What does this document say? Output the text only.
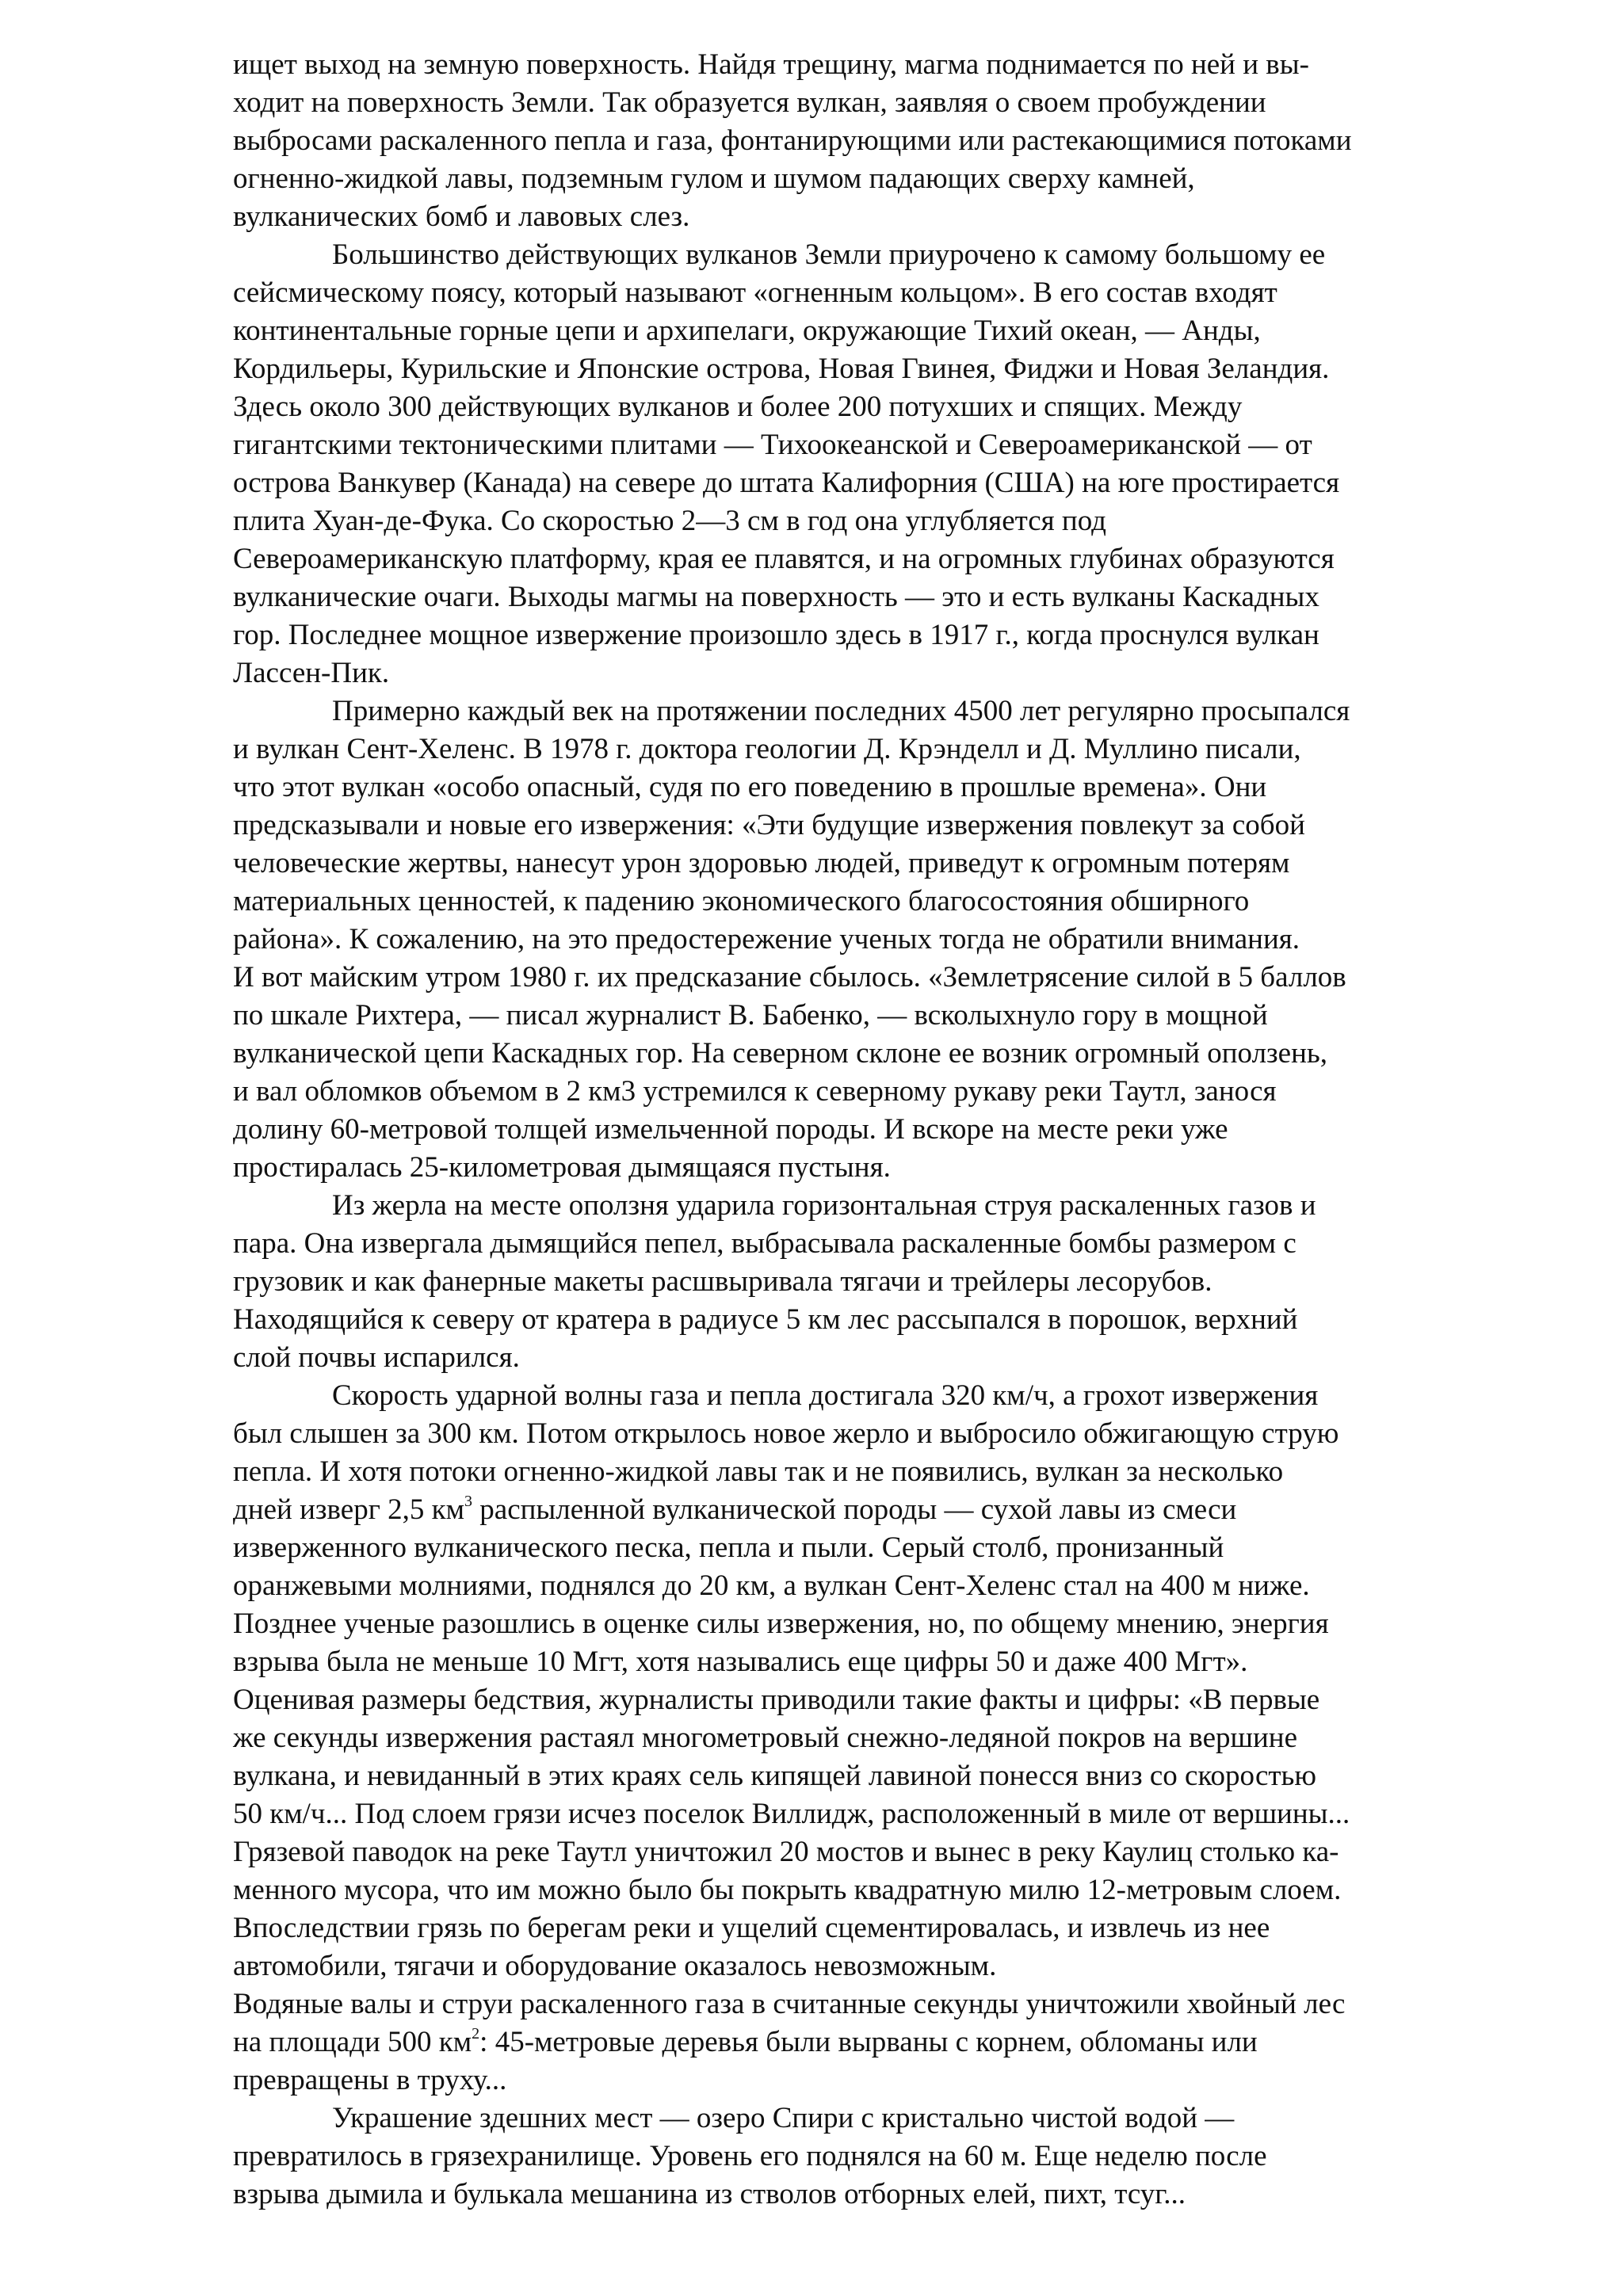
ищет выход на земную поверхность. Найдя трещину, магма поднимается по ней и вы-
ходит на поверхность Земли. Так образуется вулкан, заявляя о своем пробуждении
выбросами раскаленного пепла и газа, фонтанирующими или растекающимися потоками
огненно-жидкой лавы, подземным гулом и шумом падающих сверху камней,
вулканических бомб и лавовых слез.
Большинство действующих вулканов Земли приурочено к самому большому ее
сейсмическому поясу, который называют «огненным кольцом». В его состав входят
континентальные горные цепи и архипелаги, окружающие Тихий океан, — Анды,
Кордильеры, Курильские и Японские острова, Новая Гвинея, Фиджи и Новая Зеландия.
Здесь около 300 действующих вулканов и более 200 потухших и спящих. Между
гигантскими тектоническими плитами — Тихоокеанской и Североамериканской — от
острова Ванкувер (Канада) на севере до штата Калифорния (США) на юге простирается
плита Хуан-де-Фука. Со скоростью 2—3 см в год она углубляется под
Североамериканскую платформу, края ее плавятся, и на огромных глубинах образуются
вулканические очаги. Выходы магмы на поверхность — это и есть вулканы Каскадных
гор. Последнее мощное извержение произошло здесь в 1917 г., когда проснулся вулкан
Лассен-Пик.
Примерно каждый век на протяжении последних 4500 лет регулярно просыпался
и вулкан Сент-Хеленс. В 1978 г. доктора геологии Д. Крэнделл и Д. Муллино писали,
что этот вулкан «особо опасный, судя по его поведению в прошлые времена». Они
предсказывали и новые его извержения: «Эти будущие извержения повлекут за собой
человеческие жертвы, нанесут урон здоровью людей, приведут к огромным потерям
материальных ценностей, к падению экономического благосостояния обширного
района». К сожалению, на это предостережение ученых тогда не обратили внимания.
И вот майским утром 1980 г. их предсказание сбылось. «Землетрясение силой в 5 баллов
по шкале Рихтера, — писал журналист В. Бабенко, — всколыхнуло гору в мощной
вулканической цепи Каскадных гор. На северном склоне ее возник огромный оползень,
и вал обломков объемом в 2 км3 устремился к северному рукаву реки Таутл, занося
долину 60-метровой толщей измельченной породы. И вскоре на месте реки уже
простиралась 25-километровая дымящаяся пустыня.
Из жерла на месте оползня ударила горизонтальная струя раскаленных газов и
пара. Она извергала дымящийся пепел, выбрасывала раскаленные бомбы размером с
грузовик и как фанерные макеты расшвыривала тягачи и трейлеры лесорубов.
Находящийся к северу от кратера в радиусе 5 км лес рассыпался в порошок, верхний
слой почвы испарился.
Скорость ударной волны газа и пепла достигала 320 км/ч, а грохот извержения
был слышен за 300 км. Потом открылось новое жерло и выбросило обжигающую струю
пепла. И хотя потоки огненно-жидкой лавы так и не появились, вулкан за несколько
дней изверг 2,5 $км^3$ распыленной вулканической породы — сухой лавы из смеси
изверженного вулканического песка, пепла и пыли. Серый столб, пронизанный
оранжевыми молниями, поднялся до 20 км, а вулкан Сент-Хеленс стал на 400 м ниже.
Позднее ученые разошлись в оценке силы извержения, но, по общему мнению, энергия
взрыва была не меньше 10 Мгт, хотя назывались еще цифры 50 и даже 400 Мгт».
Оценивая размеры бедствия, журналисты приводили такие факты и цифры: «В первые
же секунды извержения растаял многометровый снежно-ледяной покров на вершине
вулкана, и невиданный в этих краях сель кипящей лавиной понесся вниз со скоростью
50 км/ч... Под слоем грязи исчез поселок Виллидж, расположенный в миле от вершины...
Грязевой паводок на реке Таутл уничтожил 20 мостов и вынес в реку Каулиц столько ка-
менного мусора, что им можно было бы покрыть квадратную милю 12-метровым слоем.
Впоследствии грязь по берегам реки и ущелий сцементировалась, и извлечь из нее
автомобили, тягачи и оборудование оказалось невозможным.
Водяные валы и струи раскаленного газа в считанные секунды уничтожили хвойный лес
на площади 500 $км^2$: 45-метровые деревья были вырваны с корнем, обломаны или
превращены в труху...
Украшение здешних мест — озеро Спири с кристально чистой водой —
превратилось в грязехранилище. Уровень его поднялся на 60 м. Еще неделю после
взрыва дымила и булькала мешанина из стволов отборных елей, пихт, тсуг...
